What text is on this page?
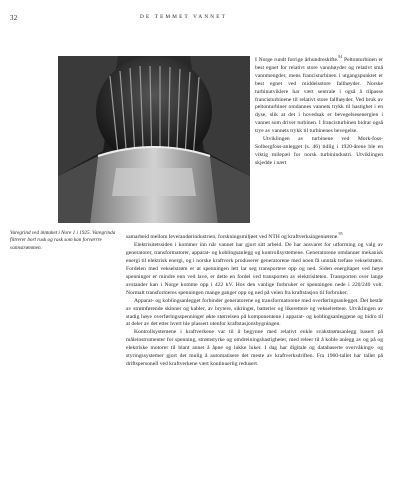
32	DE TEMMET VANNET
Varegrind ved inntaket i Nore 1 i 1925. Varegrinda filtrerer bort rusk og rask som kan forvørrre vannstrømmen.

I Norge rundt forrige århundreskifte.$^{94}$ Peltonturbinen er best egnet for relativt store vannhøyder og relativt små vannmengder, mens francisturbinen i utgangspunktet er best egnet ved middelsstore fallhøyder. Norske turbinutviklere har vært sentrale i også å tilpasse francisturbinene til relativt store fallhøyder. Ved bruk av peltonturbiner omdannes vannets trykk til hastighet i en dyse, slik at det i hovedsak er bevegelsesenergien i vannet som driver turbinen. I francisturbinen bidrar også trye av vannets trykk til turbinenes bevegelse.

Utviklingen av turbinene ved Mork-foss-Solbergfoss-anlegget (s. 46) tidlig i 1920-årene ble en viktig milepæl for norsk turbinindustri. Utviklingen skjedde i nært

samarbeid mellom leverandørindustrien, forskningsmiljøet ved NTH og kraftverksingeniørene.$^{95}$

Elektrisitetssiden i kommer inn når vannet har gjort sitt arbeid. De har ansvaret for utforming og valg av generatorer, transformatorer, apparat- og koblingsanlegg og kontrollsystemene. Generatorene omdanner mekanisk energi til elektrisk energi, og i norske kraftverk produserer generatorene med noen få unntak trefase vekselstrøm. Fordelen med vekselstrøm er at spenningen lett lar seg transportere opp og ned. Siden energitapet ved høye spenninger er mindre enn ved lave, er dette en fordel ved transporten av elektrisiteten. Transporten over lange avstander kan i Norge komme opp i 422 kV. Hos den vanlige forbruker er spenningen nede i 220/240 volt. Normalt transformeres spenningen mange ganger opp og ned på veien fra kraftstasjon til forbruker.

Apparat- og koblingsanlegget forbinder generatorene og transformatorene med overføringsanlegget. Det består av strømførende skinner og kabler, av brytere, sikringer, batterier og likerettere og vekselrettere. Utviklingen av stadig høye overføringsspenninger økte størrelsen på komponentene i apparat- og koblingsanleggene og bidro til at deler av det etter hvert ble plassert utenfor kraftstasjonsbygningen.

Kontrollsystemene i kraftverkene var til å begynne med relativt enkle svakstrømsanlegg basert på måleinstrumenter for spenning, strømstyrke og omdreiningshastigheter, med releer til å koble anlegg av og på og elektriske motorer til blant annet å åpne og lukke luker. I dag har digitale og databaserte overvåkings- og styringssystemer gjort det mulig å automatisere det meste av kraftverksdriften. Fra 1960-tallet har tallet på driftspersonell ved kraftverkene vært kontinuerlig redusert.
